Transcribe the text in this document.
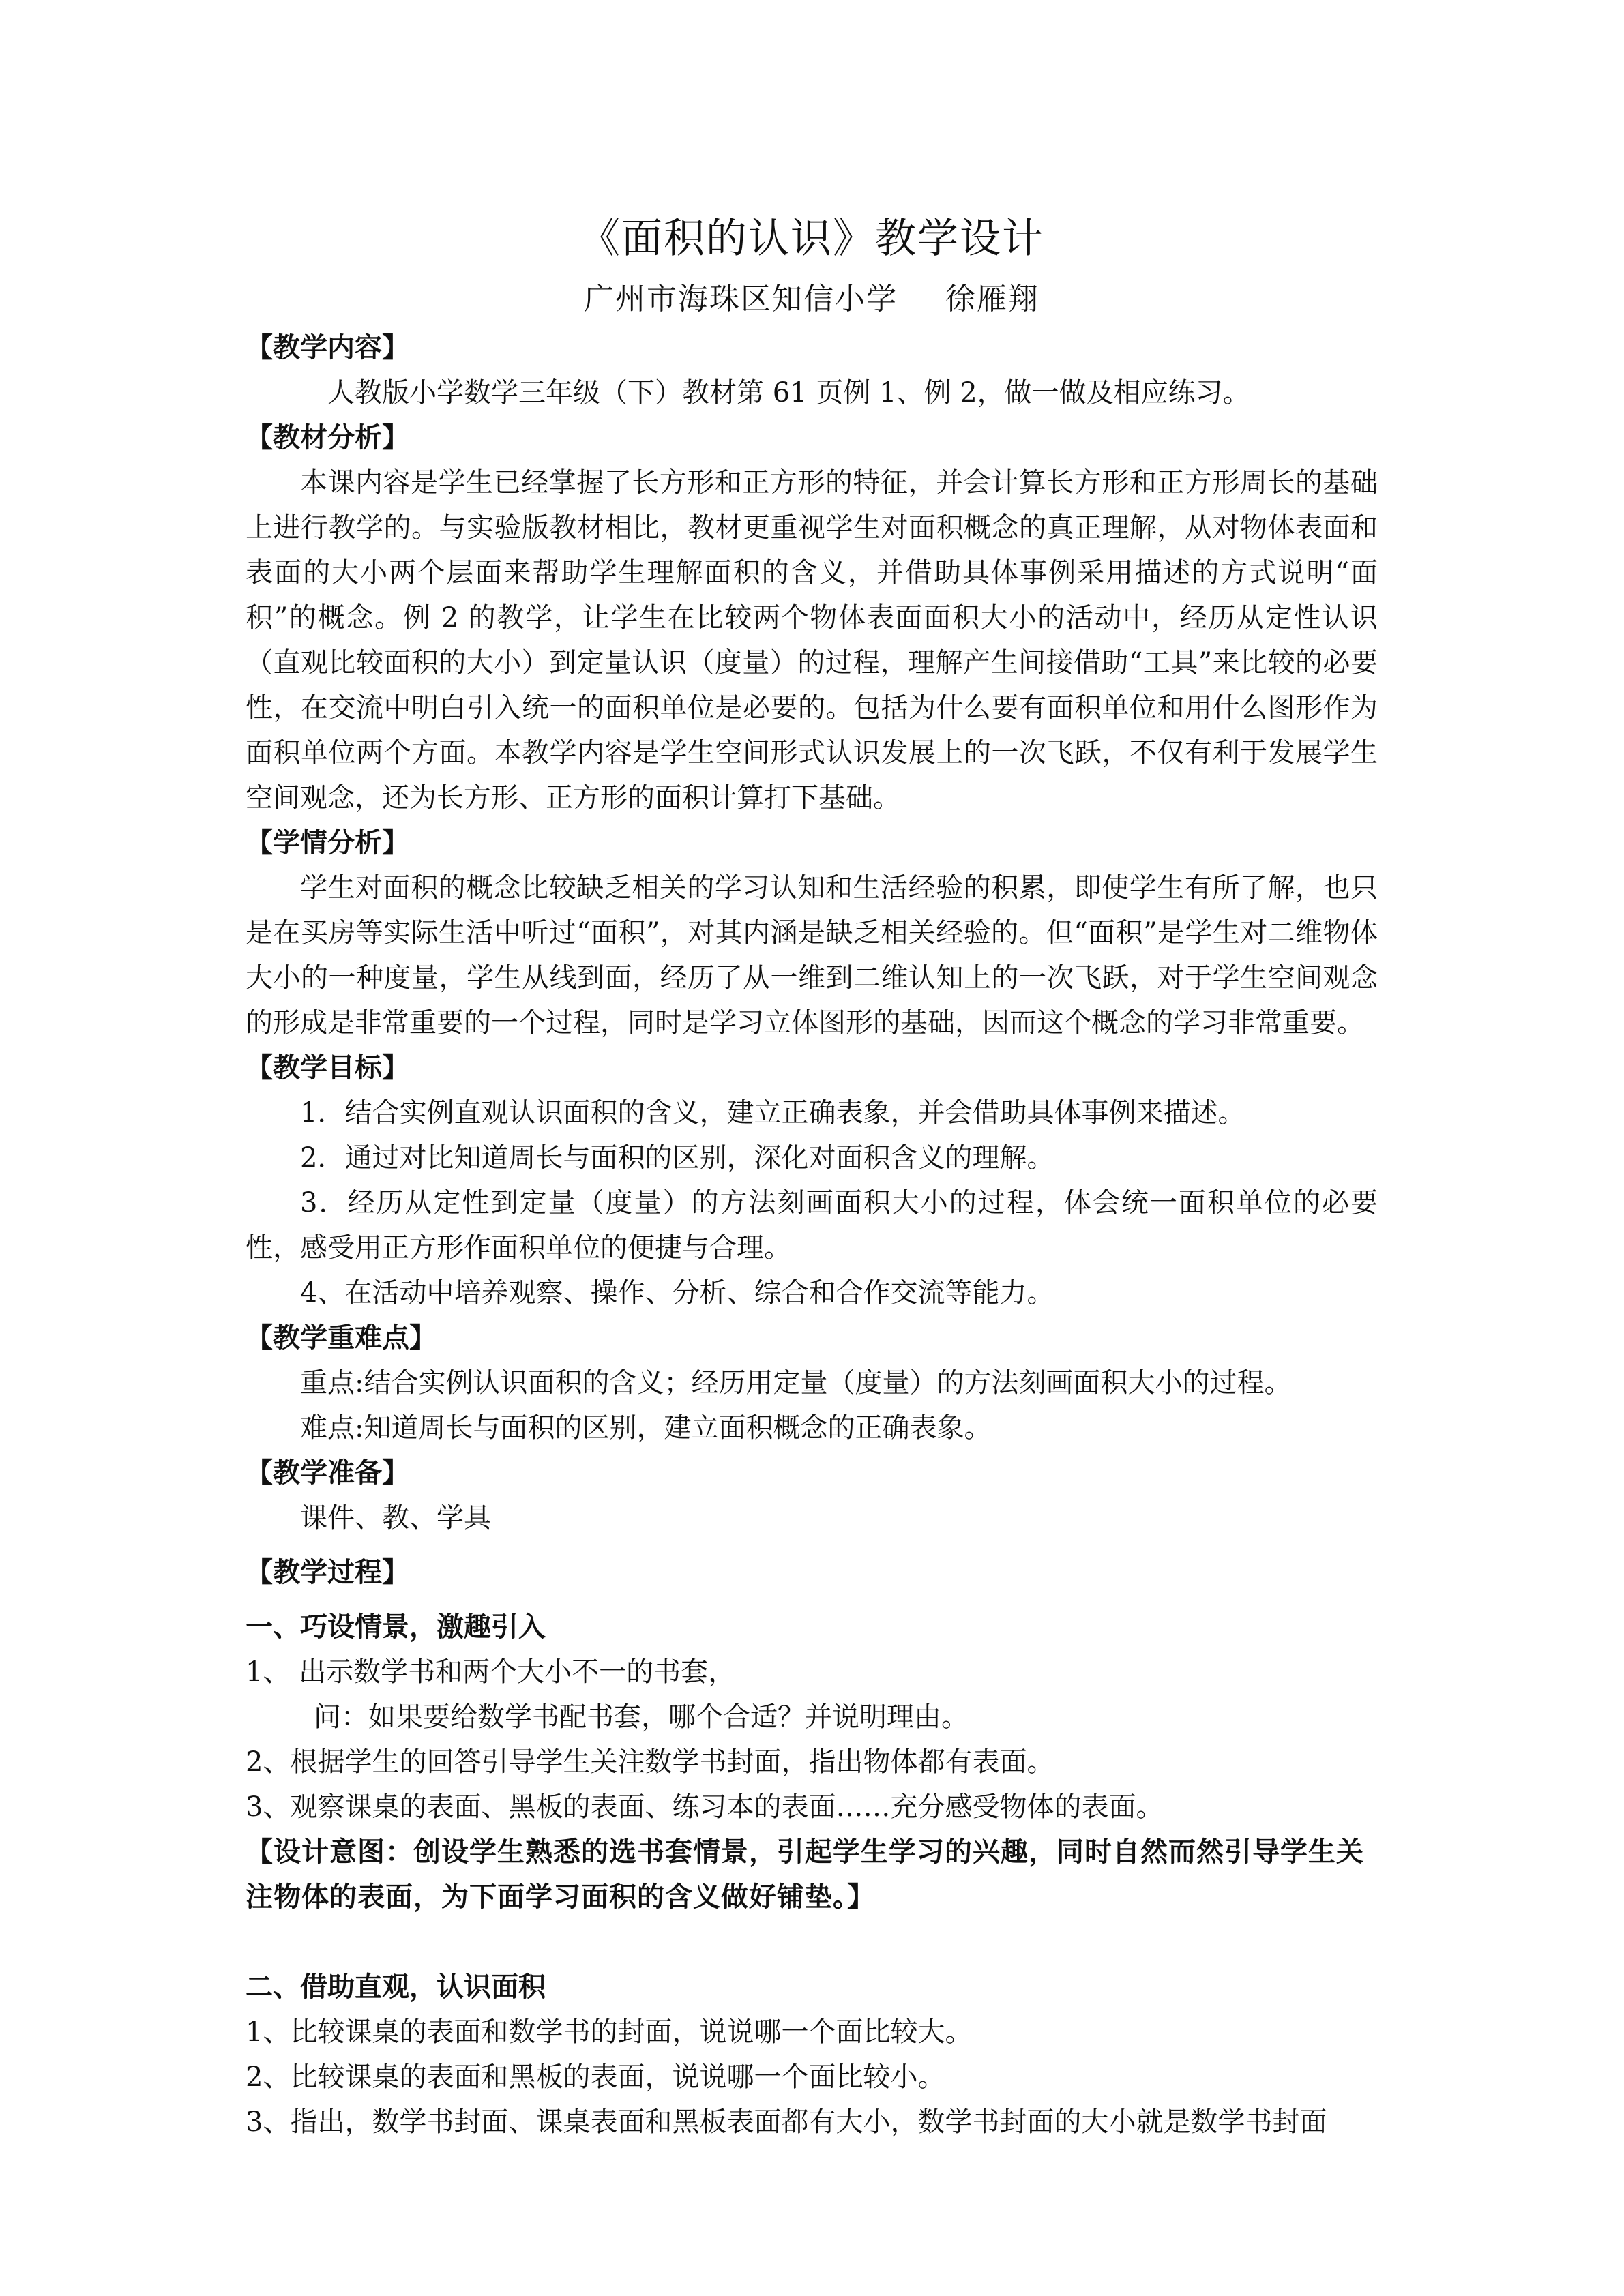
《面积的认识》教学设计

广州市海珠区知信小学 徐雁翔

【教学内容】

人教版小学数学三年级（下）教材第 61 页例 1、例 2，做一做及相应练习。

【教材分析】

本课内容是学生已经掌握了长方形和正方形的特征，并会计算长方形和正方形周长的基础上进行教学的。与实验版教材相比，教材更重视学生对面积概念的真正理解，从对物体表面和表面的大小两个层面来帮助学生理解面积的含义，并借助具体事例采用描述的方式说明“面积”的概念。例 2 的教学，让学生在比较两个物体表面面积大小的活动中，经历从定性认识（直观比较面积的大小）到定量认识（度量）的过程，理解产生间接借助“工具”来比较的必要性，在交流中明白引入统一的面积单位是必要的。包括为什么要有面积单位和用什么图形作为面积单位两个方面。本教学内容是学生空间形式认识发展上的一次飞跃，不仅有利于发展学生空间观念，还为长方形、正方形的面积计算打下基础。

【学情分析】

学生对面积的概念比较缺乏相关的学习认知和生活经验的积累，即使学生有所了解，也只是在买房等实际生活中听过“面积”，对其内涵是缺乏相关经验的。但“面积”是学生对二维物体大小的一种度量，学生从线到面，经历了从一维到二维认知上的一次飞跃，对于学生空间观念的形成是非常重要的一个过程，同时是学习立体图形的基础，因而这个概念的学习非常重要。

【教学目标】

1．结合实例直观认识面积的含义，建立正确表象，并会借助具体事例来描述。

2．通过对比知道周长与面积的区别，深化对面积含义的理解。

3．经历从定性到定量（度量）的方法刻画面积大小的过程，体会统一面积单位的必要性，感受用正方形作面积单位的便捷与合理。

4、在活动中培养观察、操作、分析、综合和合作交流等能力。

【教学重难点】

重点:结合实例认识面积的含义；经历用定量（度量）的方法刻画面积大小的过程。

难点:知道周长与面积的区别，建立面积概念的正确表象。

【教学准备】

课件、教、学具

【教学过程】

一、巧设情景，激趣引入

1、 出示数学书和两个大小不一的书套，

问：如果要给数学书配书套，哪个合适？并说明理由。

2、根据学生的回答引导学生关注数学书封面，指出物体都有表面。

3、观察课桌的表面、黑板的表面、练习本的表面……充分感受物体的表面。

【设计意图：创设学生熟悉的选书套情景，引起学生学习的兴趣，同时自然而然引导学生关注物体的表面，为下面学习面积的含义做好铺垫。】

二、借助直观，认识面积

1、比较课桌的表面和数学书的封面，说说哪一个面比较大。

2、比较课桌的表面和黑板的表面，说说哪一个面比较小。

3、指出，数学书封面、课桌表面和黑板表面都有大小，数学书封面的大小就是数学书封面
